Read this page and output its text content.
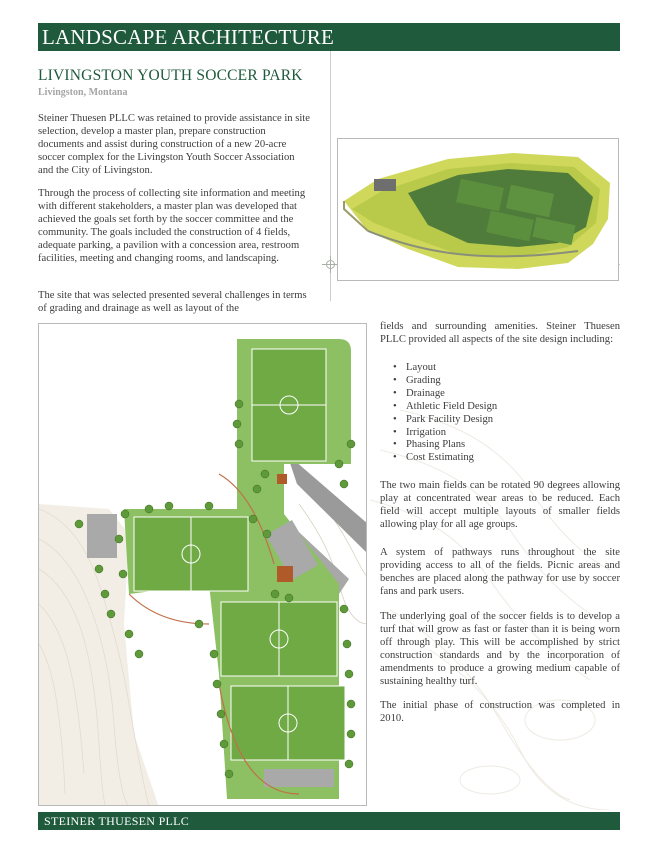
LANDSCAPE ARCHITECTURE
LIVINGSTON YOUTH SOCCER PARK
Livingston, Montana
Steiner Thuesen PLLC was retained to provide assistance in site selection, develop a master plan, prepare construction documents and assist during construction of a new 20-acre soccer complex for the Livingston Youth Soccer Association and the City of Livingston.
Through the process of collecting site information and meeting with different stakeholders, a master plan was developed that achieved the goals set forth by the soccer committee and the community. The goals included the construction of 4 fields, adequate parking, a pavilion with a concession area, restroom facilities, meeting and changing rooms, and landscaping.
The site that was selected presented several challenges in terms of grading and drainage as well as layout of the
fields and surrounding amenities. Steiner Thuesen PLLC provided all aspects of the site design including:
• Layout
• Grading
• Drainage
• Athletic Field Design
• Park Facility Design
• Irrigation
• Phasing Plans
• Cost Estimating
The two main fields can be rotated 90 degrees allowing play at concentrated wear areas to be reduced. Each field will accept multiple layouts of smaller fields allowing play for all age groups.
A system of pathways runs throughout the site providing access to all of the fields. Picnic areas and benches are placed along the pathway for use by soccer fans and park users.
The underlying goal of the soccer fields is to develop a turf that will grow as fast or faster than it is being worn off through play. This will be accomplished by strict construction standards and by the incorporation of amendments to produce a growing medium capable of sustaining healthy turf.
The initial phase of construction was completed in 2010.
STEINER THUESEN PLLC
